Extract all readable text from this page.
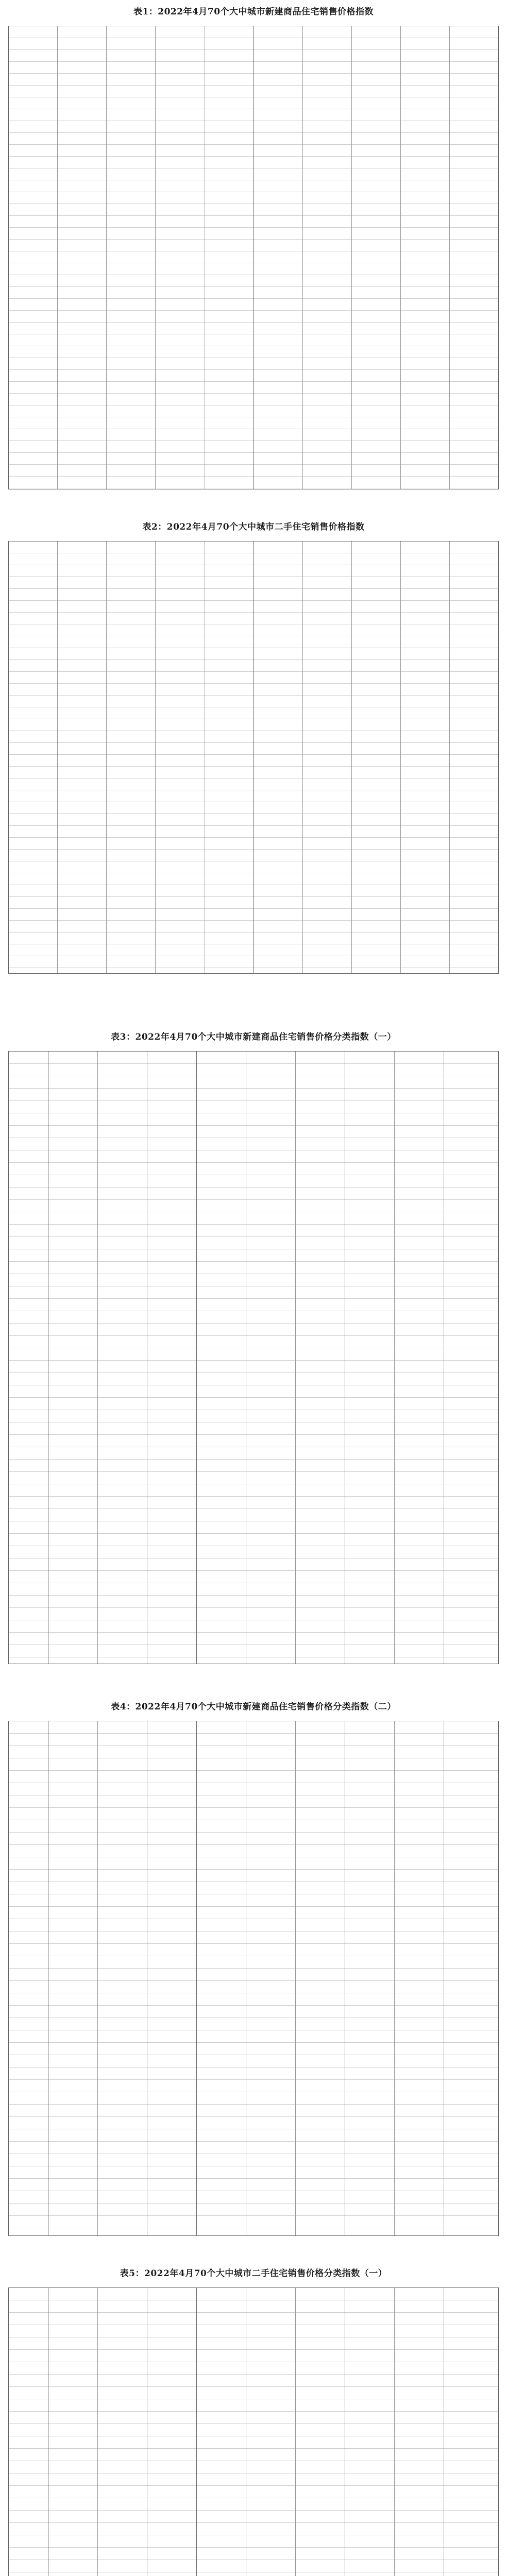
表1：2022年4月70个大中城市新建商品住宅销售价格指数
表2：2022年4月70个大中城市二手住宅销售价格指数
表3：2022年4月70个大中城市新建商品住宅销售价格分类指数（一）
表4：2022年4月70个大中城市新建商品住宅销售价格分类指数（二）
表5：2022年4月70个大中城市二手住宅销售价格分类指数（一）
